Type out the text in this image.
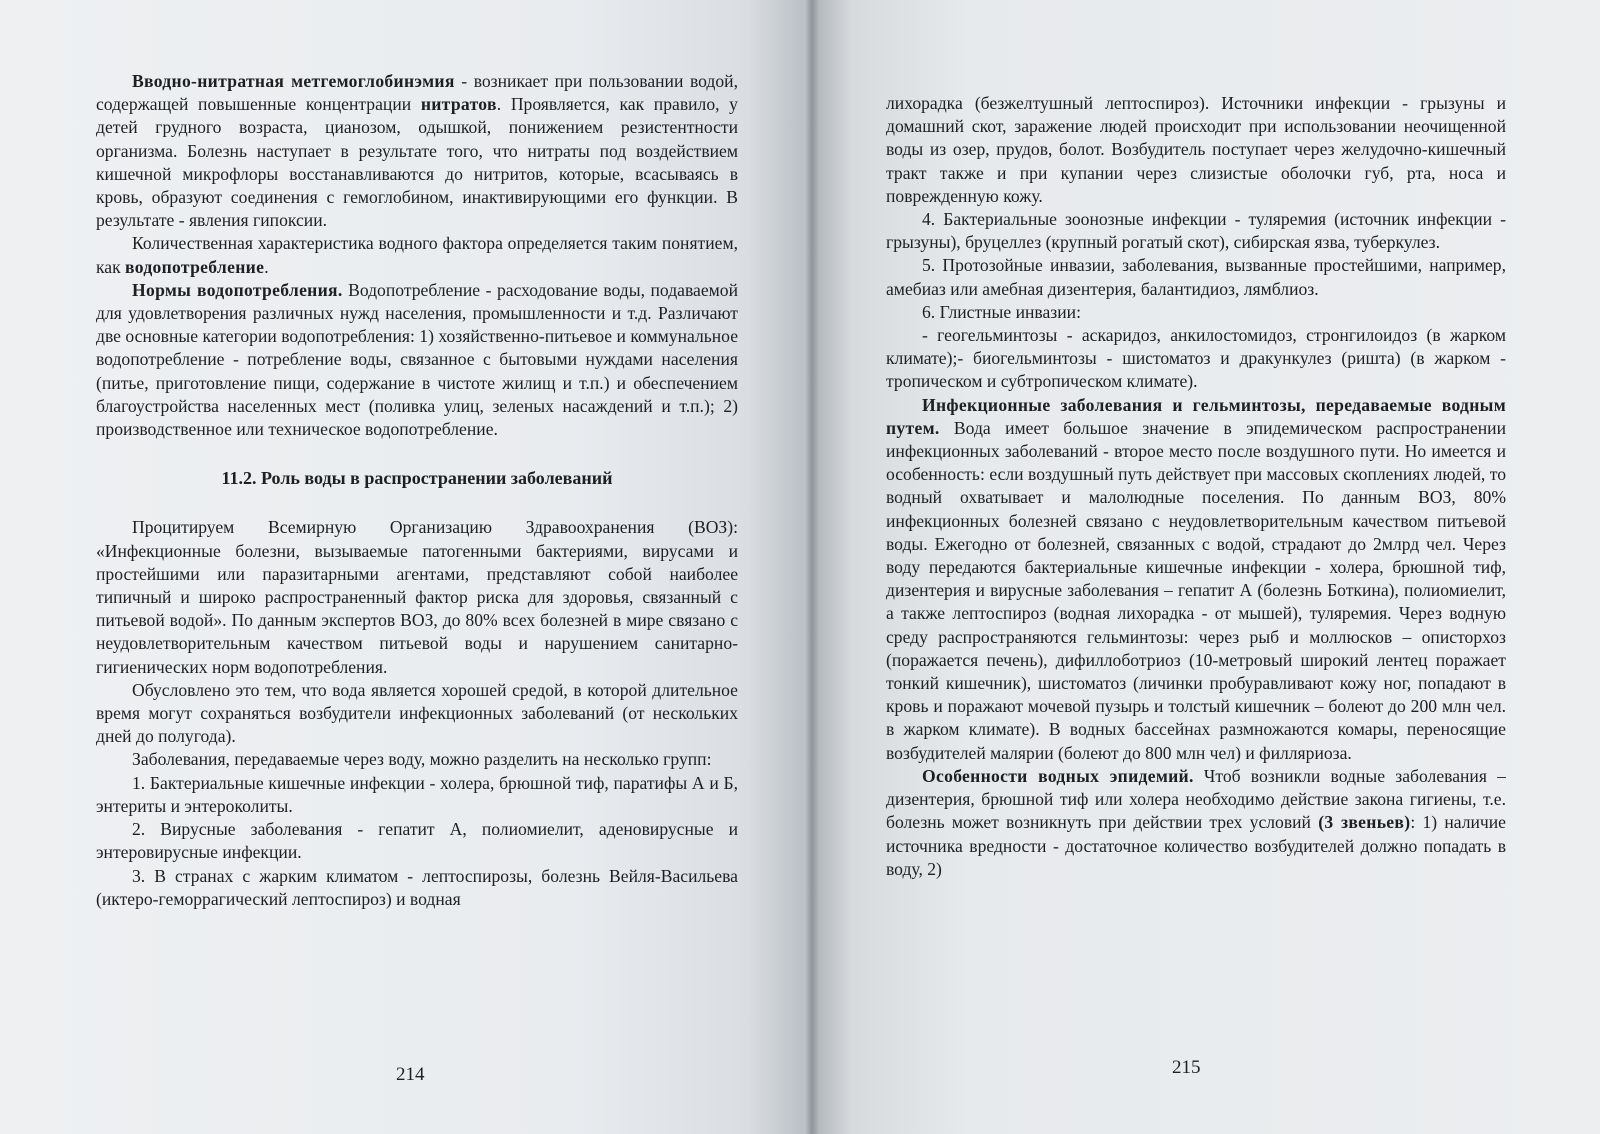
Вводно-нитратная метгемоглобинэмия - возникает при пользовании водой, содержащей повышенные концентрации нитратов. Проявляется, как правило, у детей грудного возраста, цианозом, одышкой, понижением резистентности организма. Болезнь наступает в результате того, что нитраты под воздействием кишечной микрофлоры восстанавливаются до нитритов, которые, всасываясь в кровь, образуют соединения с гемоглобином, инактивирующими его функции. В результате - явления гипоксии.

Количественная характеристика водного фактора определяется таким понятием, как водопотребление.

Нормы водопотребления. Водопотребление - расходование воды, подаваемой для удовлетворения различных нужд населения, промышленности и т.д. Различают две основные категории водопотребления: 1) хозяйственно-питьевое и коммунальное водопотребление - потребление воды, связанное с бытовыми нуждами населения (питье, приготовление пищи, содержание в чистоте жилищ и т.п.) и обеспечением благоустройства населенных мест (поливка улиц, зеленых насаждений и т.п.); 2) производственное или техническое водопотребление.

11.2. Роль воды в распространении заболеваний

Процитируем Всемирную Организацию Здравоохранения (ВОЗ): «Инфекционные болезни, вызываемые патогенными бактериями, вирусами и простейшими или паразитарными агентами, представляют собой наиболее типичный и широко распространенный фактор риска для здоровья, связанный с питьевой водой». По данным экспертов ВОЗ, до 80% всех болезней в мире связано с неудовлетворительным качеством питьевой воды и нарушением санитарно-гигиенических норм водопотребления.

Обусловлено это тем, что вода является хорошей средой, в которой длительное время могут сохраняться возбудители инфекционных заболеваний (от нескольких дней до полугода).

Заболевания, передаваемые через воду, можно разделить на несколько групп:

1. Бактериальные кишечные инфекции - холера, брюшной тиф, паратифы А и Б, энтериты и энтероколиты.

2. Вирусные заболевания - гепатит А, полиомиелит, аденовирусные и энтеровирусные инфекции.

3. В странах с жарким климатом - лептоспирозы, болезнь Вейля-Васильева (иктеро-геморрагический лептоспироз) и водная

214

лихорадка (безжелтушный лептоспироз). Источники инфекции - грызуны и домашний скот, заражение людей происходит при использовании неочищенной воды из озер, прудов, болот. Возбудитель поступает через желудочно-кишечный тракт также и при купании через слизистые оболочки губ, рта, носа и поврежденную кожу.

4. Бактериальные зоонозные инфекции - туляремия (источник инфекции - грызуны), бруцеллез (крупный рогатый скот), сибирская язва, туберкулез.

5. Протозойные инвазии, заболевания, вызванные простейшими, например, амебиаз или амебная дизентерия, балантидиоз, лямблиоз.

6. Глистные инвазии:

- геогельминтозы - аскаридоз, анкилостомидоз, стронгилоидоз (в жарком климате);- биогельминтозы - шистоматоз и дракункулез (ришта) (в жарком - тропическом и субтропическом климате).

Инфекционные заболевания и гельминтозы, передаваемые водным путем. Вода имеет большое значение в эпидемическом распространении инфекционных заболеваний - второе место после воздушного пути. Но имеется и особенность: если воздушный путь действует при массовых скоплениях людей, то водный охватывает и малолюдные поселения. По данным ВОЗ, 80% инфекционных болезней связано с неудовлетворительным качеством питьевой воды. Ежегодно от болезней, связанных с водой, страдают до 2млрд чел. Через воду передаются бактериальные кишечные инфекции - холера, брюшной тиф, дизентерия и вирусные заболевания – гепатит А (болезнь Боткина), полиомиелит, а также лептоспироз (водная лихорадка - от мышей), туляремия. Через водную среду распространяются гельминтозы: через рыб и моллюсков – описторхоз (поражается печень), дифиллоботриоз (10-метровый широкий лентец поражает тонкий кишечник), шистоматоз (личинки пробуравливают кожу ног, попадают в кровь и поражают мочевой пузырь и толстый кишечник – болеют до 200 млн чел. в жарком климате). В водных бассейнах размножаются комары, переносящие возбудителей малярии (болеют до 800 млн чел) и филляриоза.

Особенности водных эпидемий. Чтоб возникли водные заболевания – дизентерия, брюшной тиф или холера необходимо действие закона гигиены, т.е. болезнь может возникнуть при действии трех условий (3 звеньев): 1) наличие источника вредности - достаточное количество возбудителей должно попадать в воду, 2)

215
